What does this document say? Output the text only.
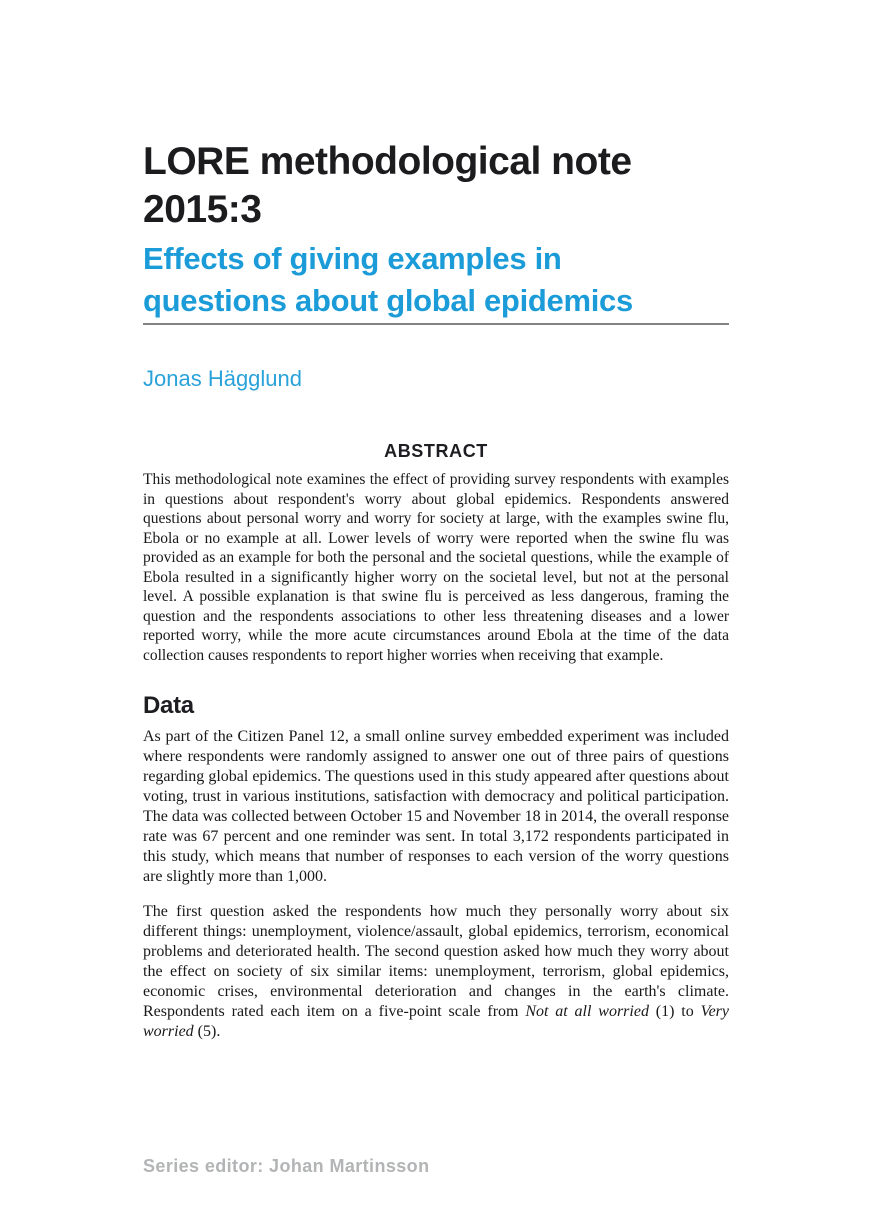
LORE methodological note
2015:3
Effects of giving examples in
questions about global epidemics
Jonas Hägglund
ABSTRACT

This methodological note examines the effect of providing survey respondents with examples in questions about respondent's worry about global epidemics. Respondents answered questions about personal worry and worry for society at large, with the examples swine flu, Ebola or no example at all. Lower levels of worry were reported when the swine flu was provided as an example for both the personal and the societal questions, while the example of Ebola resulted in a significantly higher worry on the societal level, but not at the personal level. A possible explanation is that swine flu is perceived as less dangerous, framing the question and the respondents associations to other less threatening diseases and a lower reported worry, while the more acute circumstances around Ebola at the time of the data collection causes respondents to report higher worries when receiving that example.

Data

As part of the Citizen Panel 12, a small online survey embedded experiment was included where respondents were randomly assigned to answer one out of three pairs of questions regarding global epidemics. The questions used in this study appeared after questions about voting, trust in various institutions, satisfaction with democracy and political participation. The data was collected between October 15 and November 18 in 2014, the overall response rate was 67 percent and one reminder was sent. In total 3,172 respondents participated in this study, which means that number of responses to each version of the worry questions are slightly more than 1,000.

The first question asked the respondents how much they personally worry about six different things: unemployment, violence/assault, global epidemics, terrorism, economical problems and deteriorated health. The second question asked how much they worry about the effect on society of six similar items: unemployment, terrorism, global epidemics, economic crises, environmental deterioration and changes in the earth's climate. Respondents rated each item on a five-point scale from Not at all worried (1) to Very worried (5).

Series editor: Johan Martinsson
